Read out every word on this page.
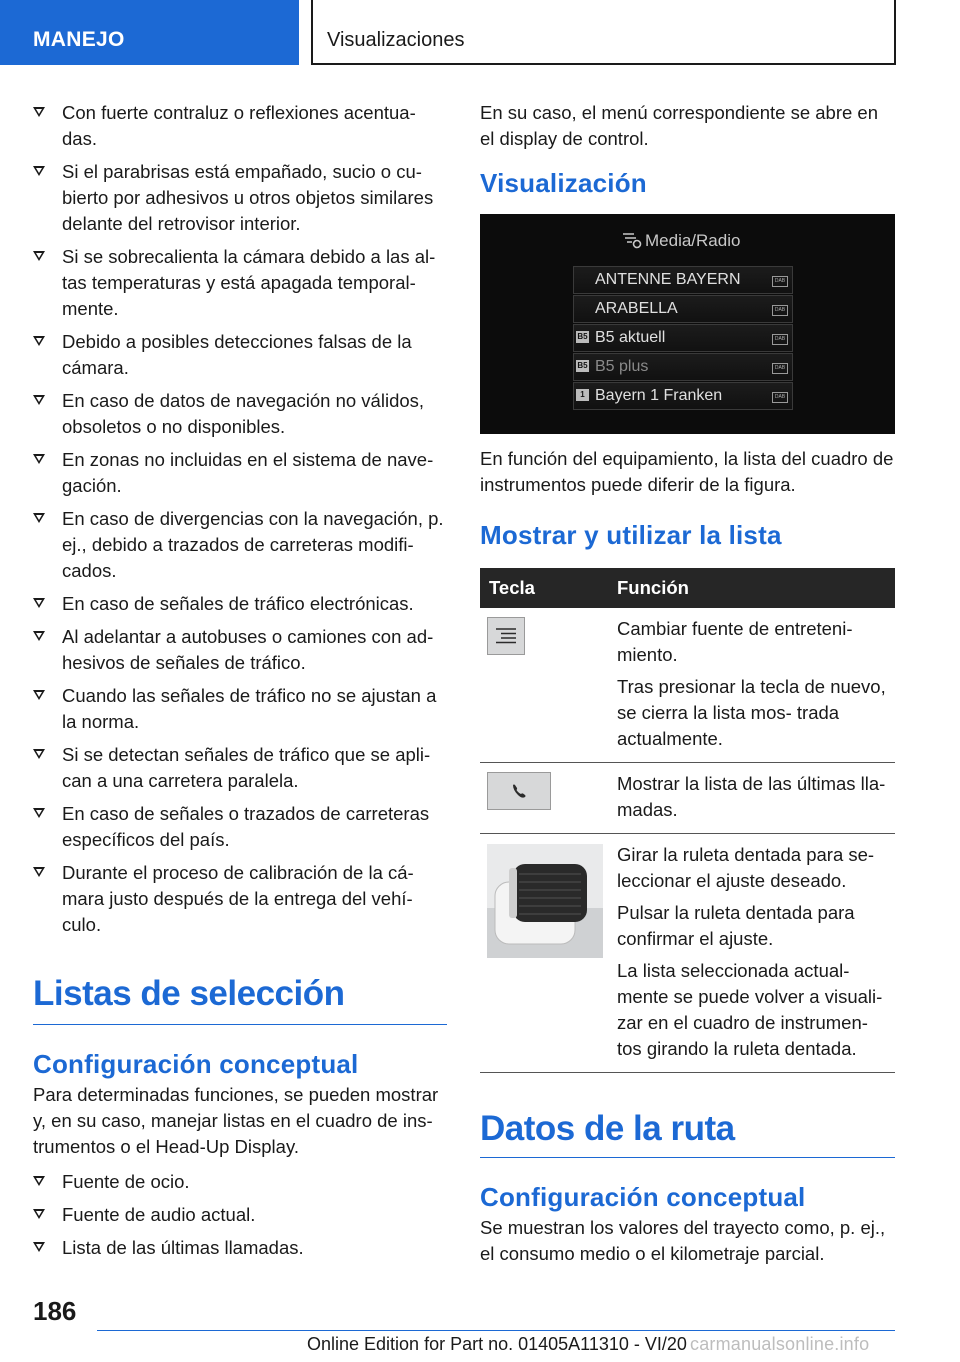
MANEJO	Visualizaciones
Con fuerte contraluz o reflexiones acentua‐ das.
Si el parabrisas está empañado, sucio o cu‐ bierto por adhesivos u otros objetos similares delante del retrovisor interior.
Si se sobrecalienta la cámara debido a las al‐ tas temperaturas y está apagada temporal‐ mente.
Debido a posibles detecciones falsas de la cámara.
En caso de datos de navegación no válidos, obsoletos o no disponibles.
En zonas no incluidas en el sistema de nave‐ gación.
En caso de divergencias con la navegación, p. ej., debido a trazados de carreteras modifi‐ cados.
En caso de señales de tráfico electrónicas.
Al adelantar a autobuses o camiones con ad‐ hesivos de señales de tráfico.
Cuando las señales de tráfico no se ajustan a la norma.
Si se detectan señales de tráfico que se apli‐ can a una carretera paralela.
En caso de señales o trazados de carreteras específicos del país.
Durante el proceso de calibración de la cá‐ mara justo después de la entrega del vehí‐ culo.
Listas de selección
Configuración conceptual

Para determinadas funciones, se pueden mostrar y, en su caso, manejar listas en el cuadro de ins‐ trumentos o el Head-Up Display.

Fuente de ocio.
Fuente de audio actual.
Lista de las últimas llamadas.

En su caso, el menú correspondiente se abre en el display de control.

Visualización
Media/Radio
ANTENNE BAYERN	DAB
ARABELLA	DAB
B5 B5 aktuell	DAB
B5 B5 plus	DAB
1 Bayern 1 Franken	DAB

En función del equipamiento, la lista del cuadro de instrumentos puede diferir de la figura.

Mostrar y utilizar la lista
Tecla	Función

Cambiar fuente de entreteni‐ miento.

Tras presionar la tecla de nuevo, se cierra la lista mos‐ trada actualmente.

Mostrar la lista de las últimas lla‐ madas.

Girar la ruleta dentada para se‐ leccionar el ajuste deseado.

Pulsar la ruleta dentada para confirmar el ajuste.

La lista seleccionada actual‐ mente se puede volver a visuali‐ zar en el cuadro de instrumen‐ tos girando la ruleta dentada.

Datos de la ruta
Configuración conceptual

Se muestran los valores del trayecto como, p. ej., el consumo medio o el kilometraje parcial.

186
Online Edition for Part no. 01405A11310 - VI/20 carmanualsonline.info
